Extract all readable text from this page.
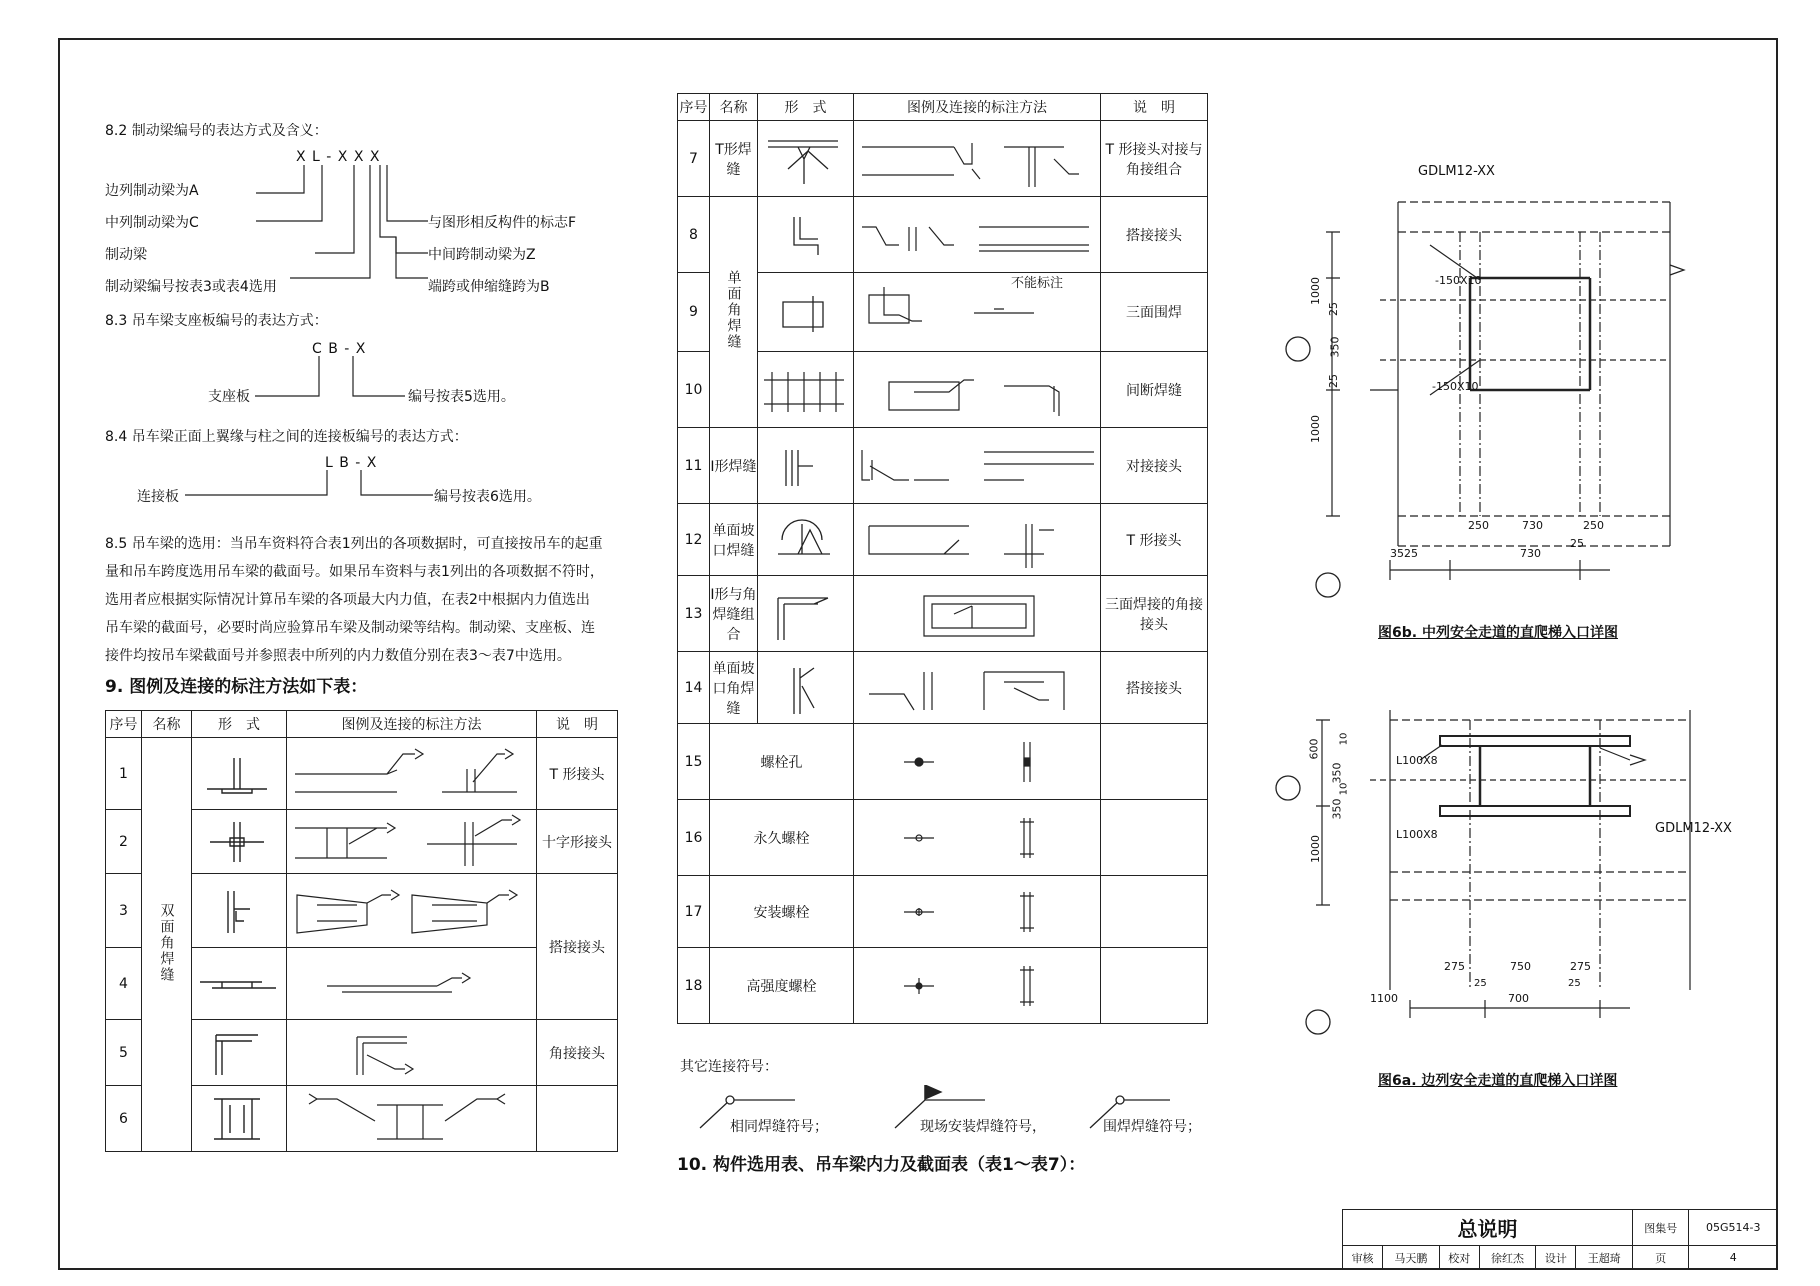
8.2 制动梁编号的表达方式及含义：
X L - X X X
边列制动梁为A
中列制动梁为C
制动梁
制动梁编号按表3或表4选用
与图形相反构件的标志F
中间跨制动梁为Z
端跨或伸缩缝跨为B
8.3 吊车梁支座板编号的表达方式：
C B - X
支座板	编号按表5选用。
8.4 吊车梁正面上翼缘与柱之间的连接板编号的表达方式：
L B - X
连接板	编号按表6选用。
8.5 吊车梁的选用：当吊车资料符合表1列出的各项数据时，可直接按吊车的起重
量和吊车跨度选用吊车梁的截面号。如果吊车资料与表1列出的各项数据不符时，
选用者应根据实际情况计算吊车梁的各项最大内力值，在表2中根据内力值选出
吊车梁的截面号，必要时尚应验算吊车梁及制动梁等结构。制动梁、支座板、连
接件均按吊车梁截面号并参照表中所列的内力数值分别在表3～表7中选用。
9. 图例及连接的标注方法如下表：
序号	名称	形　式	图例及连接的标注方法	说　明	
1	双面角焊缝			T 形接头	
2				十字形接头	
3				搭接接头	
4	

5				角接接头	
6	

序号	名称	形　式	图例及连接的标注方法	说　明
7	T形焊缝			T 形接头对接与角接组合
8	单面角焊缝			搭接接头
9			不能标注	三面围焊
10				间断焊缝
11	I形焊缝			对接接头
12	单面坡口焊缝			T 形接头
13	I形与角焊缝组合			三面焊接的角接接头
14	单面坡口角焊缝			搭接接头
15	螺栓孔	

16	永久螺栓	

17	安装螺栓	

18	高强度螺栓	

其它连接符号：
相同焊缝符号；	现场安装焊缝符号，	围焊焊缝符号；
10. 构件选用表、吊车梁内力及截面表（表1～表7）：
GDLM12-XX
-150X10
-150X10
1000
25
350
25
1000
250	730	250
3525	730
25
图6b. 中列安全走道的直爬梯入口详图
GDLM12-XX
L100X8
L100X8
600
350
10
10
350
1000
275	750	275
1100	700
25	25
图6a. 边列安全走道的直爬梯入口详图
总说明						图集号	05G514-3
审核	马天鹏	校对	徐红杰	设计	王超琦	页	4
